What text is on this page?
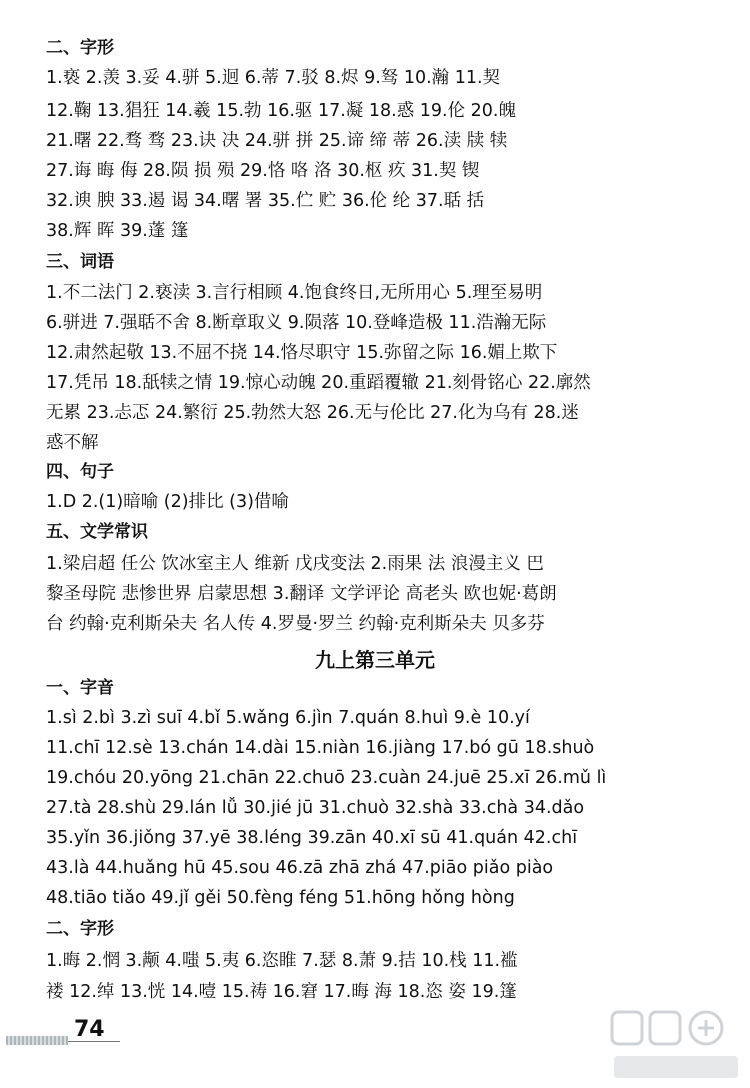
二、字形
1.亵 2.羡 3.妥 4.骈 5.迥 6.蒂 7.驳 8.烬 9.驽 10.瀚 11.契
12.鞠 13.猖狂 14.羲 15.勃 16.驱 17.凝 18.惑 19.伦 20.魄
21.曙 22.骛 骛 23.诀 决 24.骈 拼 25.谛 缔 蒂 26.渎 牍 犊
27.诲 晦 侮 28.陨 损 殒 29.恪 咯 洛 30.枢 疚 31.契 锲
32.谀 腴 33.遏 谒 34.曙 署 35.伫 贮 36.伦 纶 37.聒 括
38.辉 晖 39.蓬 篷
三、词语
1.不二法门 2.亵渎 3.言行相顾 4.饱食终日,无所用心 5.理至易明
6.骈进 7.强聒不舍 8.断章取义 9.陨落 10.登峰造极 11.浩瀚无际
12.肃然起敬 13.不屈不挠 14.恪尽职守 15.弥留之际 16.媚上欺下
17.凭吊 18.舐犊之情 19.惊心动魄 20.重蹈覆辙 21.刻骨铭心 22.廓然
无累 23.忐忑 24.繁衍 25.勃然大怒 26.无与伦比 27.化为乌有 28.迷
惑不解
四、句子
1.D 2.(1)暗喻 (2)排比 (3)借喻
五、文学常识
1.梁启超 任公 饮冰室主人 维新 戊戌变法 2.雨果 法 浪漫主义 巴
黎圣母院 悲惨世界 启蒙思想 3.翻译 文学评论 高老头 欧也妮·葛朗
台 约翰·克利斯朵夫 名人传 4.罗曼·罗兰 约翰·克利斯朵夫 贝多芬
九上第三单元
一、字音
1.sì 2.bì 3.zì suī 4.bǐ 5.wǎng 6.jìn 7.quán 8.huì 9.è 10.yí
11.chī 12.sè 13.chán 14.dài 15.niàn 16.jiàng 17.bó gū 18.shuò
19.chóu 20.yōng 21.chān 22.chuō 23.cuàn 24.juē 25.xī 26.mǔ lì
27.tà 28.shù 29.lán lǚ 30.jié jū 31.chuò 32.shà 33.chà 34.dǎo
35.yǐn 36.jiǒng 37.yē 38.léng 39.zān 40.xī sū 41.quán 42.chī
43.là 44.huǎng hū 45.sou 46.zā zhā zhá 47.piāo piǎo piào
48.tiāo tiǎo 49.jǐ gěi 50.fèng féng 51.hōng hǒng hòng
二、字形
1.晦 2.惘 3.颟 4.嗤 5.夷 6.恣睢 7.瑟 8.萧 9.拮 10.栈 11.褴
褛 12.绰 13.恍 14.噎 15.祷 16.窘 17.晦 海 18.恣 姿 19.篷
74
